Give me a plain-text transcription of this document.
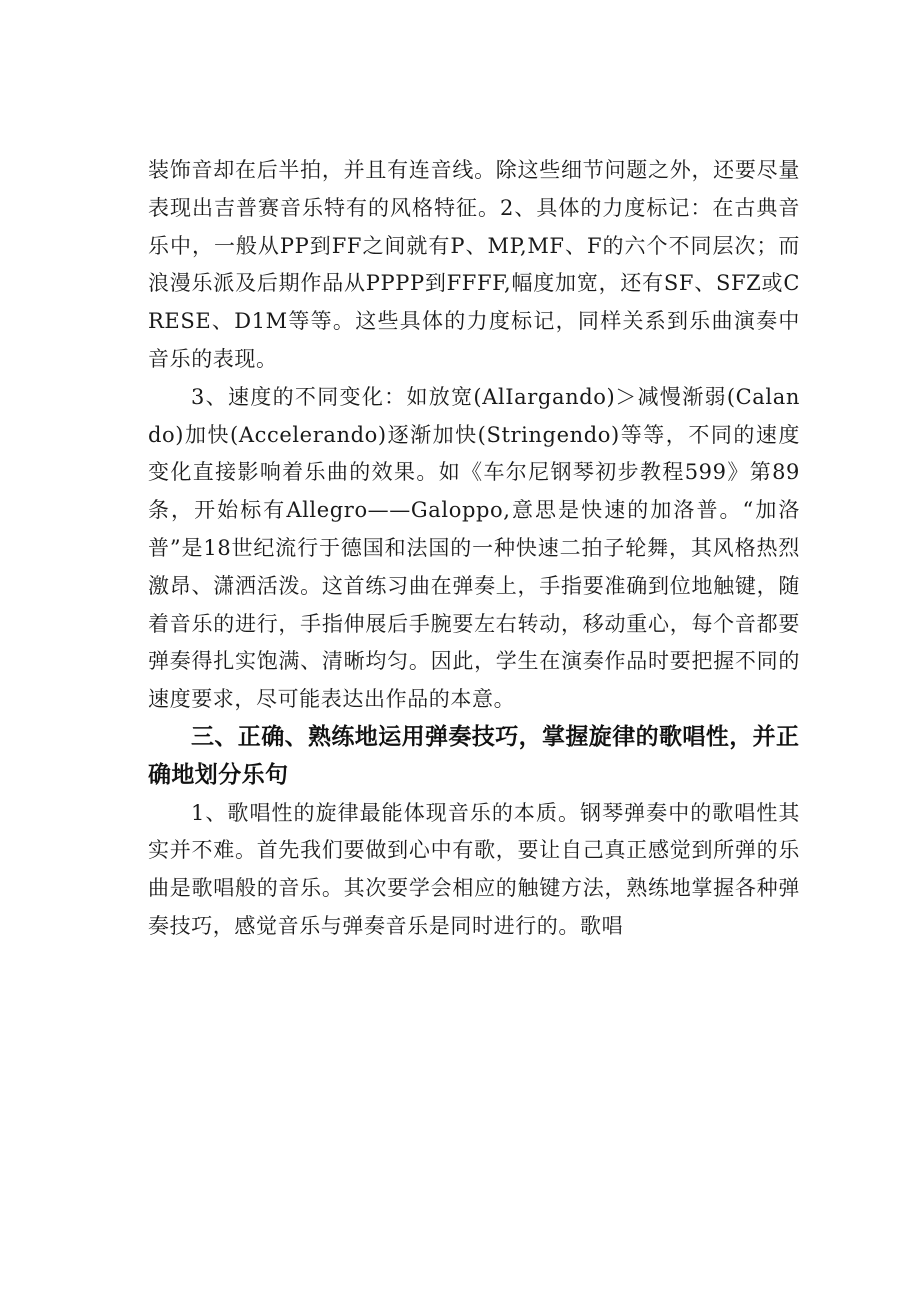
装饰音却在后半拍，并且有连音线。除这些细节问题之外，还要尽量表现出吉普赛音乐特有的风格特征。2、具体的力度标记：在古典音乐中，一般从PP到FF之间就有P、MP,MF、F的六个不同层次；而浪漫乐派及后期作品从PPPP到FFFF,幅度加宽，还有SF、SFZ或CRESE、D1M等等。这些具体的力度标记，同样关系到乐曲演奏中音乐的表现。

3、速度的不同变化：如放宽(AlIargando)＞减慢渐弱(Calando)加快(Accelerando)逐渐加快(Stringendo)等等，不同的速度变化直接影响着乐曲的效果。如《车尔尼钢琴初步教程599》第89条，开始标有Allegro——Galoppo,意思是快速的加洛普。“加洛普”是18世纪流行于德国和法国的一种快速二拍子轮舞，其风格热烈激昂、潇洒活泼。这首练习曲在弹奏上，手指要准确到位地触键，随着音乐的进行，手指伸展后手腕要左右转动，移动重心，每个音都要弹奏得扎实饱满、清晰均匀。因此，学生在演奏作品时要把握不同的速度要求，尽可能表达出作品的本意。

三、正确、熟练地运用弹奏技巧，掌握旋律的歌唱性，并正确地划分乐句

1、歌唱性的旋律最能体现音乐的本质。钢琴弹奏中的歌唱性其实并不难。首先我们要做到心中有歌，要让自己真正感觉到所弹的乐曲是歌唱般的音乐。其次要学会相应的触键方法，熟练地掌握各种弹奏技巧，感觉音乐与弹奏音乐是同时进行的。歌唱
